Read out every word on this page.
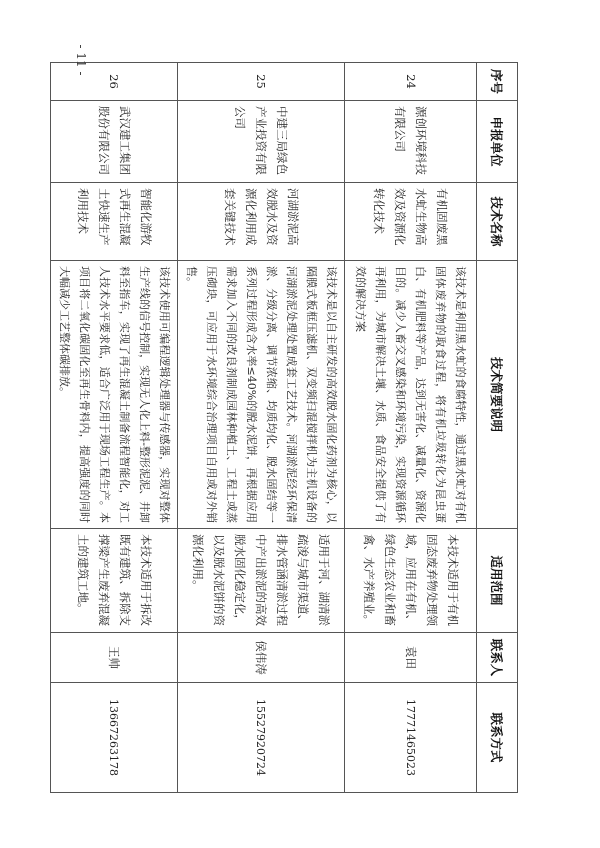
序号	申报单位	技术名称	技术简要说明	适用范围	联系人	联系方式
24	源创环境科技有限公司	有机固废黑水虻生物高效及资源化转化技术	该技术是利用黑水虻的食腐特性，通过黑水虻对有机固体废弃物的取食过程，将有机垃圾转化为昆虫蛋白、有机肥料等产品，达到无害化、减量化、资源化目的。减少人畜交叉感染和环境污染，实现资源循环再利用，为城市解决土壤、水质、食品安全提供了有效的解决方案	本技术适用于有机固态废弃物处理领域，应用在有机、绿色生态农业和畜禽、水产养殖业。	袁田	17771465023
25	中建三局绿色产业投资有限公司	河湖淤泥高效脱水及资源化利用成套关键技术	该技术是以自主研发的高效脱水固化药剂为核心，以隔膜式板框压滤机、双变频扫混搅拌机为主机设备的河湖淤泥处理处置成套工艺技术。河湖淤泥经环保清淤、分级分离、调节浓缩、均质均化、脱水固结等一系列过程形成含水率≤40%的脱水泥饼，再根据应用需求加入不同的改良剂制成园林种植土、工程土或蒸压砌块，可应用于水环境综合治理项目自用或对外销售。	适用于河、湖清淤疏浚与城市渠道、排水管涵清淤过程中产出淤泥的高效脱水固化稳定化，以及脱水泥饼的资源化利用。	侯伟涛	15527920724
26	武汉建工集团股份有限公司	智能化游牧式再生混凝土快速生产利用技术	该技术使用可编程逻辑处理器与传感器，实现对整体生产线的信号控制，实现无人化上料-整形泥泥、井卸料至指车，实现了再生混凝土制备流程智能化，对工人技术水平要求低，适合广泛用于现场工程生产。本项目将二氧化碳固化至再生骨料内，提高强度的同时大幅减少工艺整体碳排放。	本技术适用于拆改既有建筑、拆除支撑梁产生废弃混凝土的建筑工地。	王帅	13667263178
- 11 -
